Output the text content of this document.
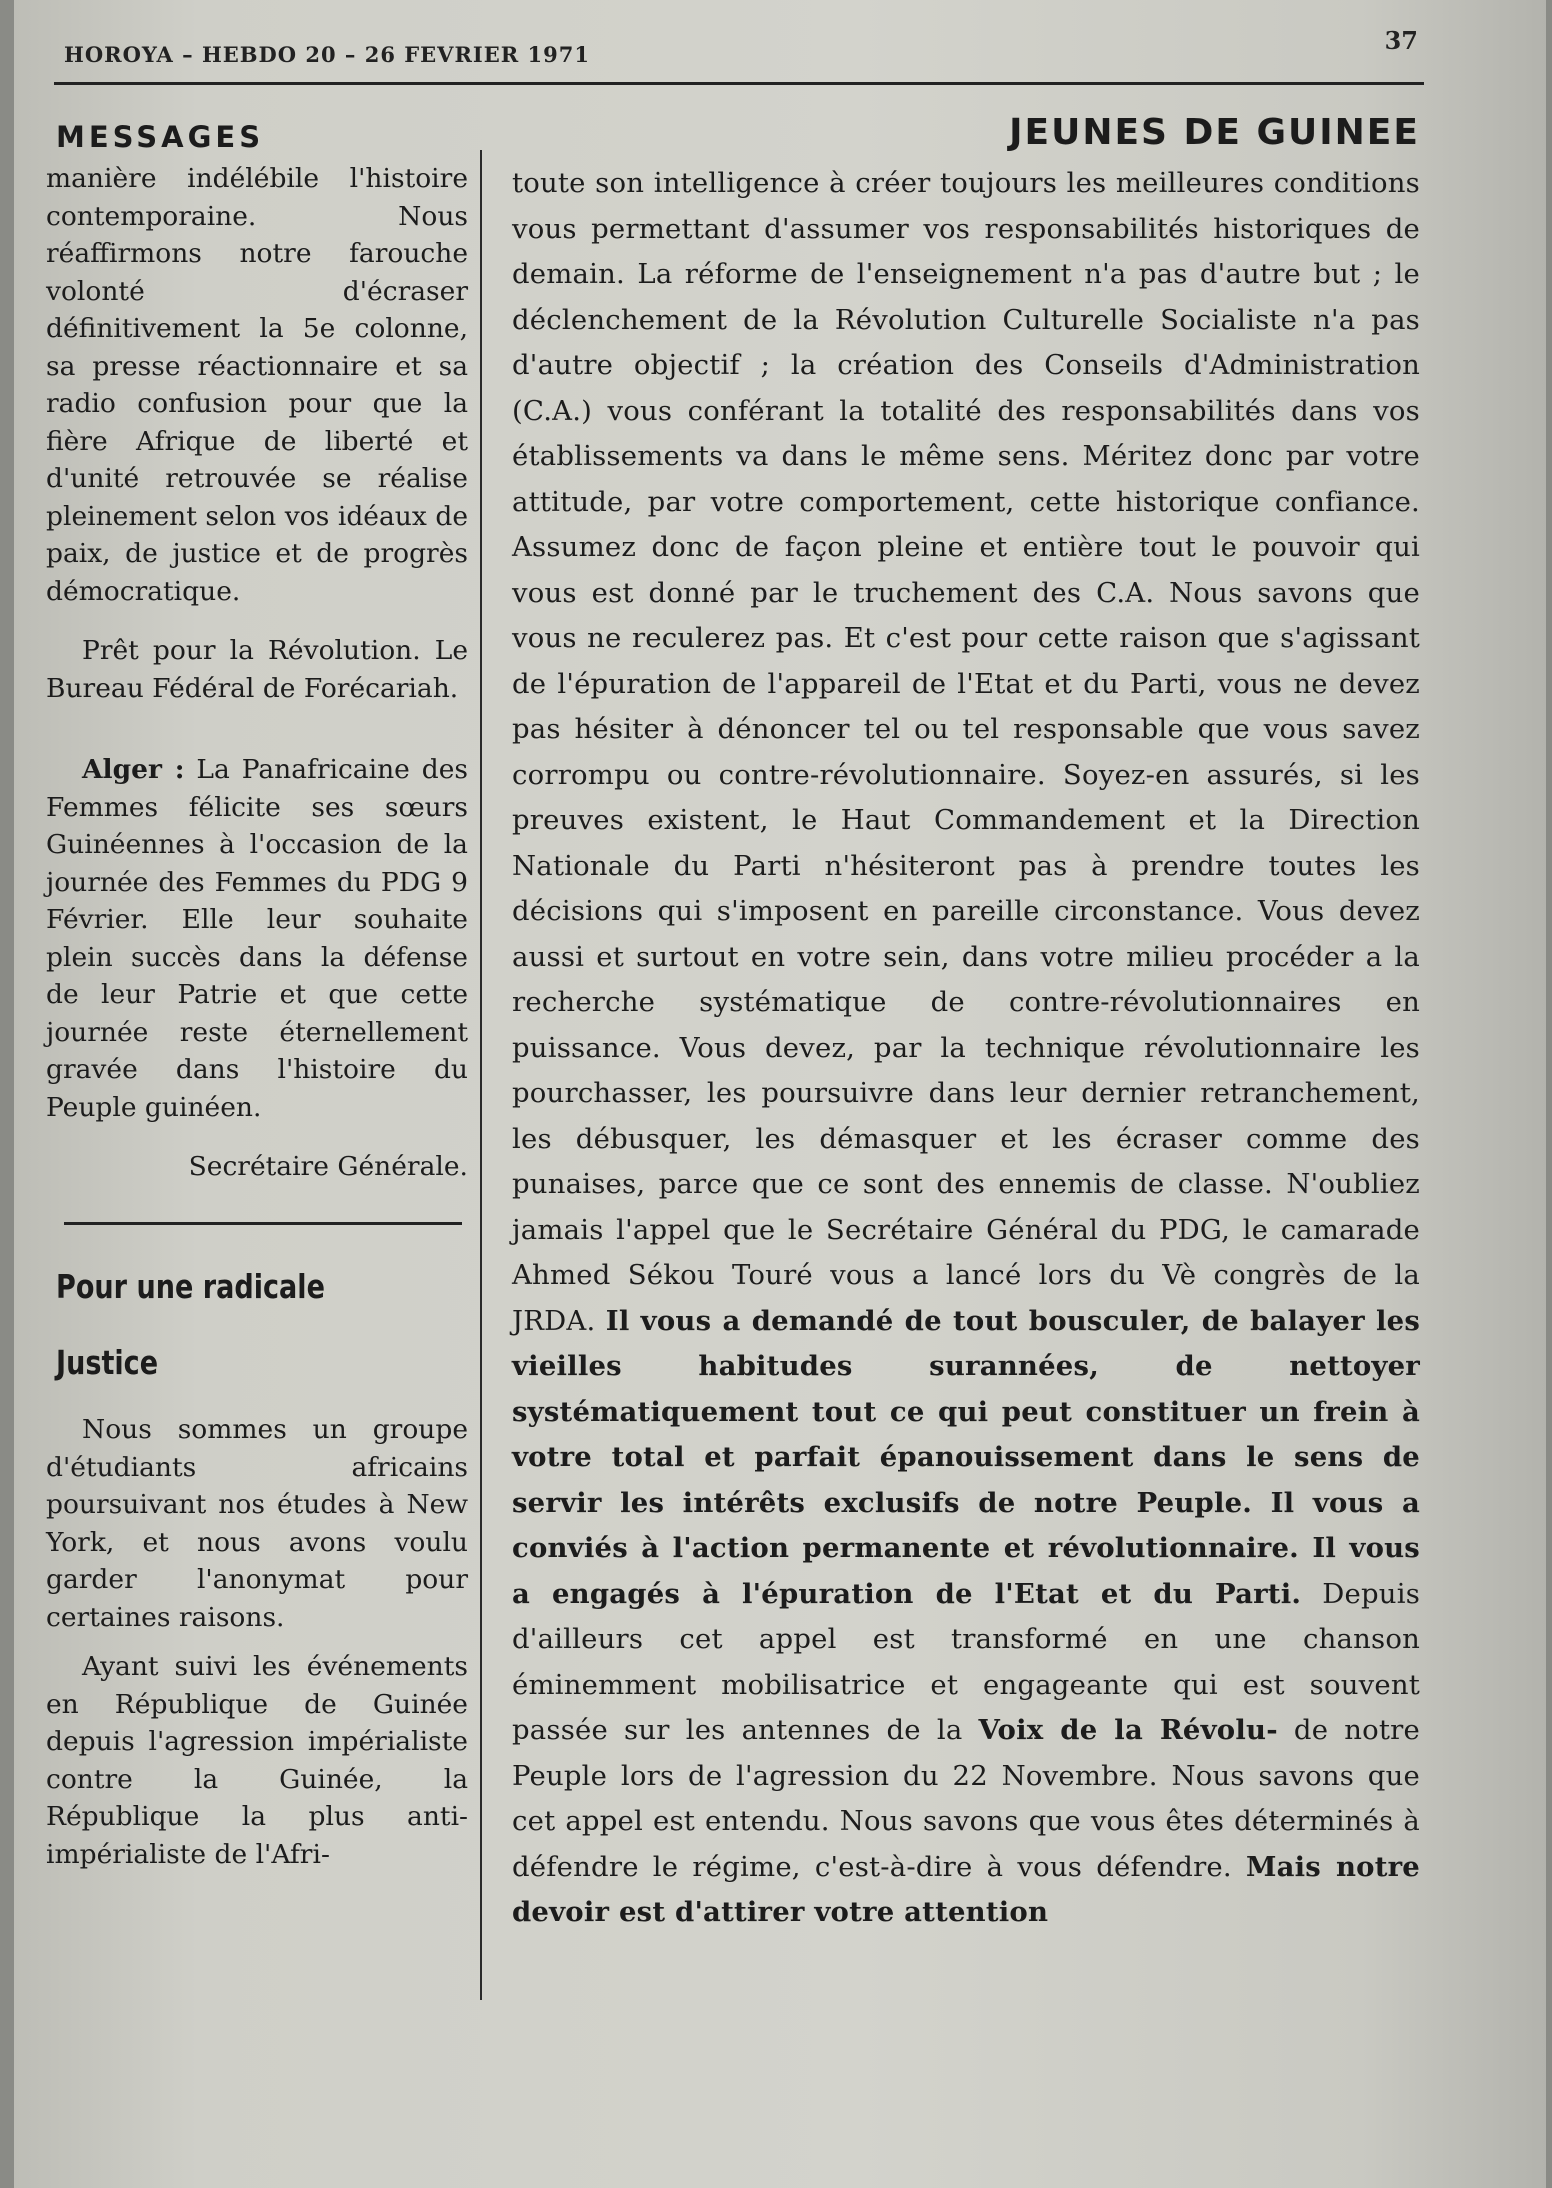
HOROYA – HEBDO 20 – 26 FEVRIER 1971	37
MESSAGES

manière indélébile l'histoire contemporaine. Nous réaffirmons notre farouche volonté d'écraser définitivement la 5e colonne, sa presse réactionnaire et sa radio confusion pour que la fière Afrique de liberté et d'unité retrouvée se réalise pleinement selon vos idéaux de paix, de justice et de progrès démocratique.

Prêt pour la Révolution. Le Bureau Fédéral de Forécariah.

Alger : La Panafricaine des Femmes félicite ses sœurs Guinéennes à l'occasion de la journée des Femmes du PDG 9 Février. Elle leur souhaite plein succès dans la défense de leur Patrie et que cette journée reste éternellement gravée dans l'histoire du Peuple guinéen.

Secrétaire Générale.

Pour une radicale Justice

Nous sommes un groupe d'étudiants africains poursuivant nos études à New York, et nous avons voulu garder l'anonymat pour certaines raisons.

Ayant suivi les événements en République de Guinée depuis l'agression impérialiste contre la Guinée, la République la plus anti-impérialiste de l'Afri-

JEUNES DE GUINEE

toute son intelligence à créer toujours les meilleures conditions vous permettant d'assumer vos responsabilités historiques de demain. La réforme de l'enseignement n'a pas d'autre but ; le déclenchement de la Révolution Culturelle Socialiste n'a pas d'autre objectif ; la création des Conseils d'Administration (C.A.) vous conférant la totalité des responsabilités dans vos établissements va dans le même sens. Méritez donc par votre attitude, par votre comportement, cette historique confiance. Assumez donc de façon pleine et entière tout le pouvoir qui vous est donné par le truchement des C.A. Nous savons que vous ne reculerez pas. Et c'est pour cette raison que s'agissant de l'épuration de l'appareil de l'Etat et du Parti, vous ne devez pas hésiter à dénoncer tel ou tel responsable que vous savez corrompu ou contre-révolutionnaire. Soyez-en assurés, si les preuves existent, le Haut Commandement et la Direction Nationale du Parti n'hésiteront pas à prendre toutes les décisions qui s'imposent en pareille circonstance. Vous devez aussi et surtout en votre sein, dans votre milieu procéder a la recherche systématique de contre-révolutionnaires en puissance. Vous devez, par la technique révolutionnaire les pourchasser, les poursuivre dans leur dernier retranchement, les débusquer, les démasquer et les écraser comme des punaises, parce que ce sont des ennemis de classe. N'oubliez jamais l'appel que le Secrétaire Général du PDG, le camarade Ahmed Sékou Touré vous a lancé lors du Vè congrès de la JRDA. Il vous a demandé de tout bousculer, de balayer les vieilles habitudes surannées, de nettoyer systématiquement tout ce qui peut constituer un frein à votre total et parfait épanouissement dans le sens de servir les intérêts exclusifs de notre Peuple. Il vous a conviés à l'action permanente et révolutionnaire. Il vous a engagés à l'épuration de l'Etat et du Parti. Depuis d'ailleurs cet appel est transformé en une chanson éminemment mobilisatrice et engageante qui est souvent passée sur les antennes de la Voix de la Révolu- de notre Peuple lors de l'agression du 22 Novembre. Nous savons que cet appel est entendu. Nous savons que vous êtes déterminés à défendre le régime, c'est-à-dire à vous défendre. Mais notre devoir est d'attirer votre attention
